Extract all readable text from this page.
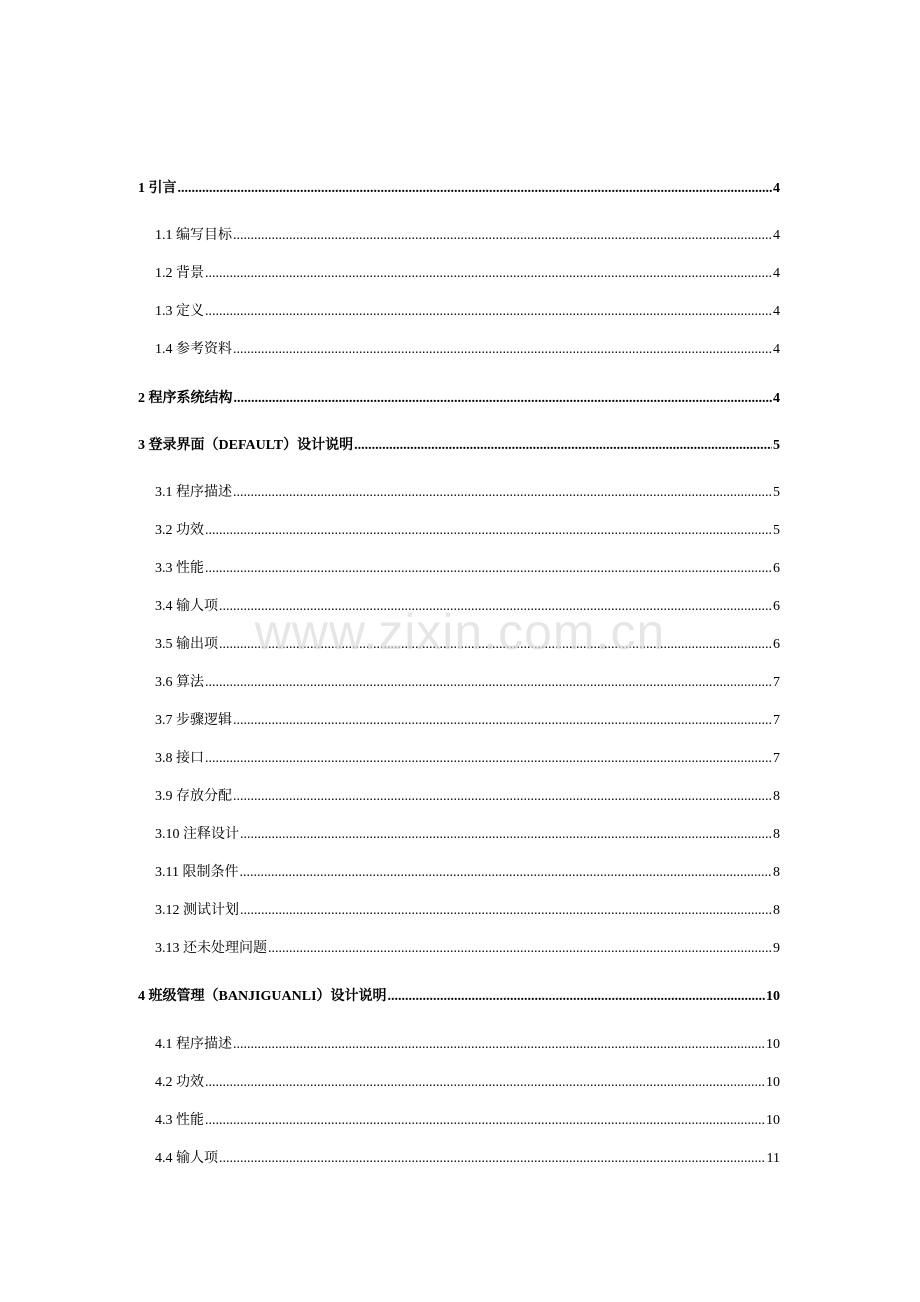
1 引言 .....	4
1.1 编写目标 .....	4
1.2 背景 .....	4
1.3 定义 .....	4
1.4 参考资料 .....	4
2 程序系统结构 .....	4
3 登录界面（DEFAULT）设计说明 .....	5
3.1 程序描述 .....	5
3.2 功效 .....	5
3.3 性能 .....	6
3.4 输人项 .....	6
3.5 输出项 .....	6
3.6 算法 .....	7
3.7 步骤逻辑 .....	7
3.8 接口 .....	7
3.9 存放分配 .....	8
3.10 注释设计 .....	8
3.11 限制条件 .....	8
3.12 测试计划 .....	8
3.13 还未处理问题 .....	9
4 班级管理（BANJIGUANLI）设计说明 .....	10
4.1 程序描述 .....	10
4.2 功效 .....	10
4.3 性能 .....	10
4.4 输人项 .....	11
www.zixin.com.cn
